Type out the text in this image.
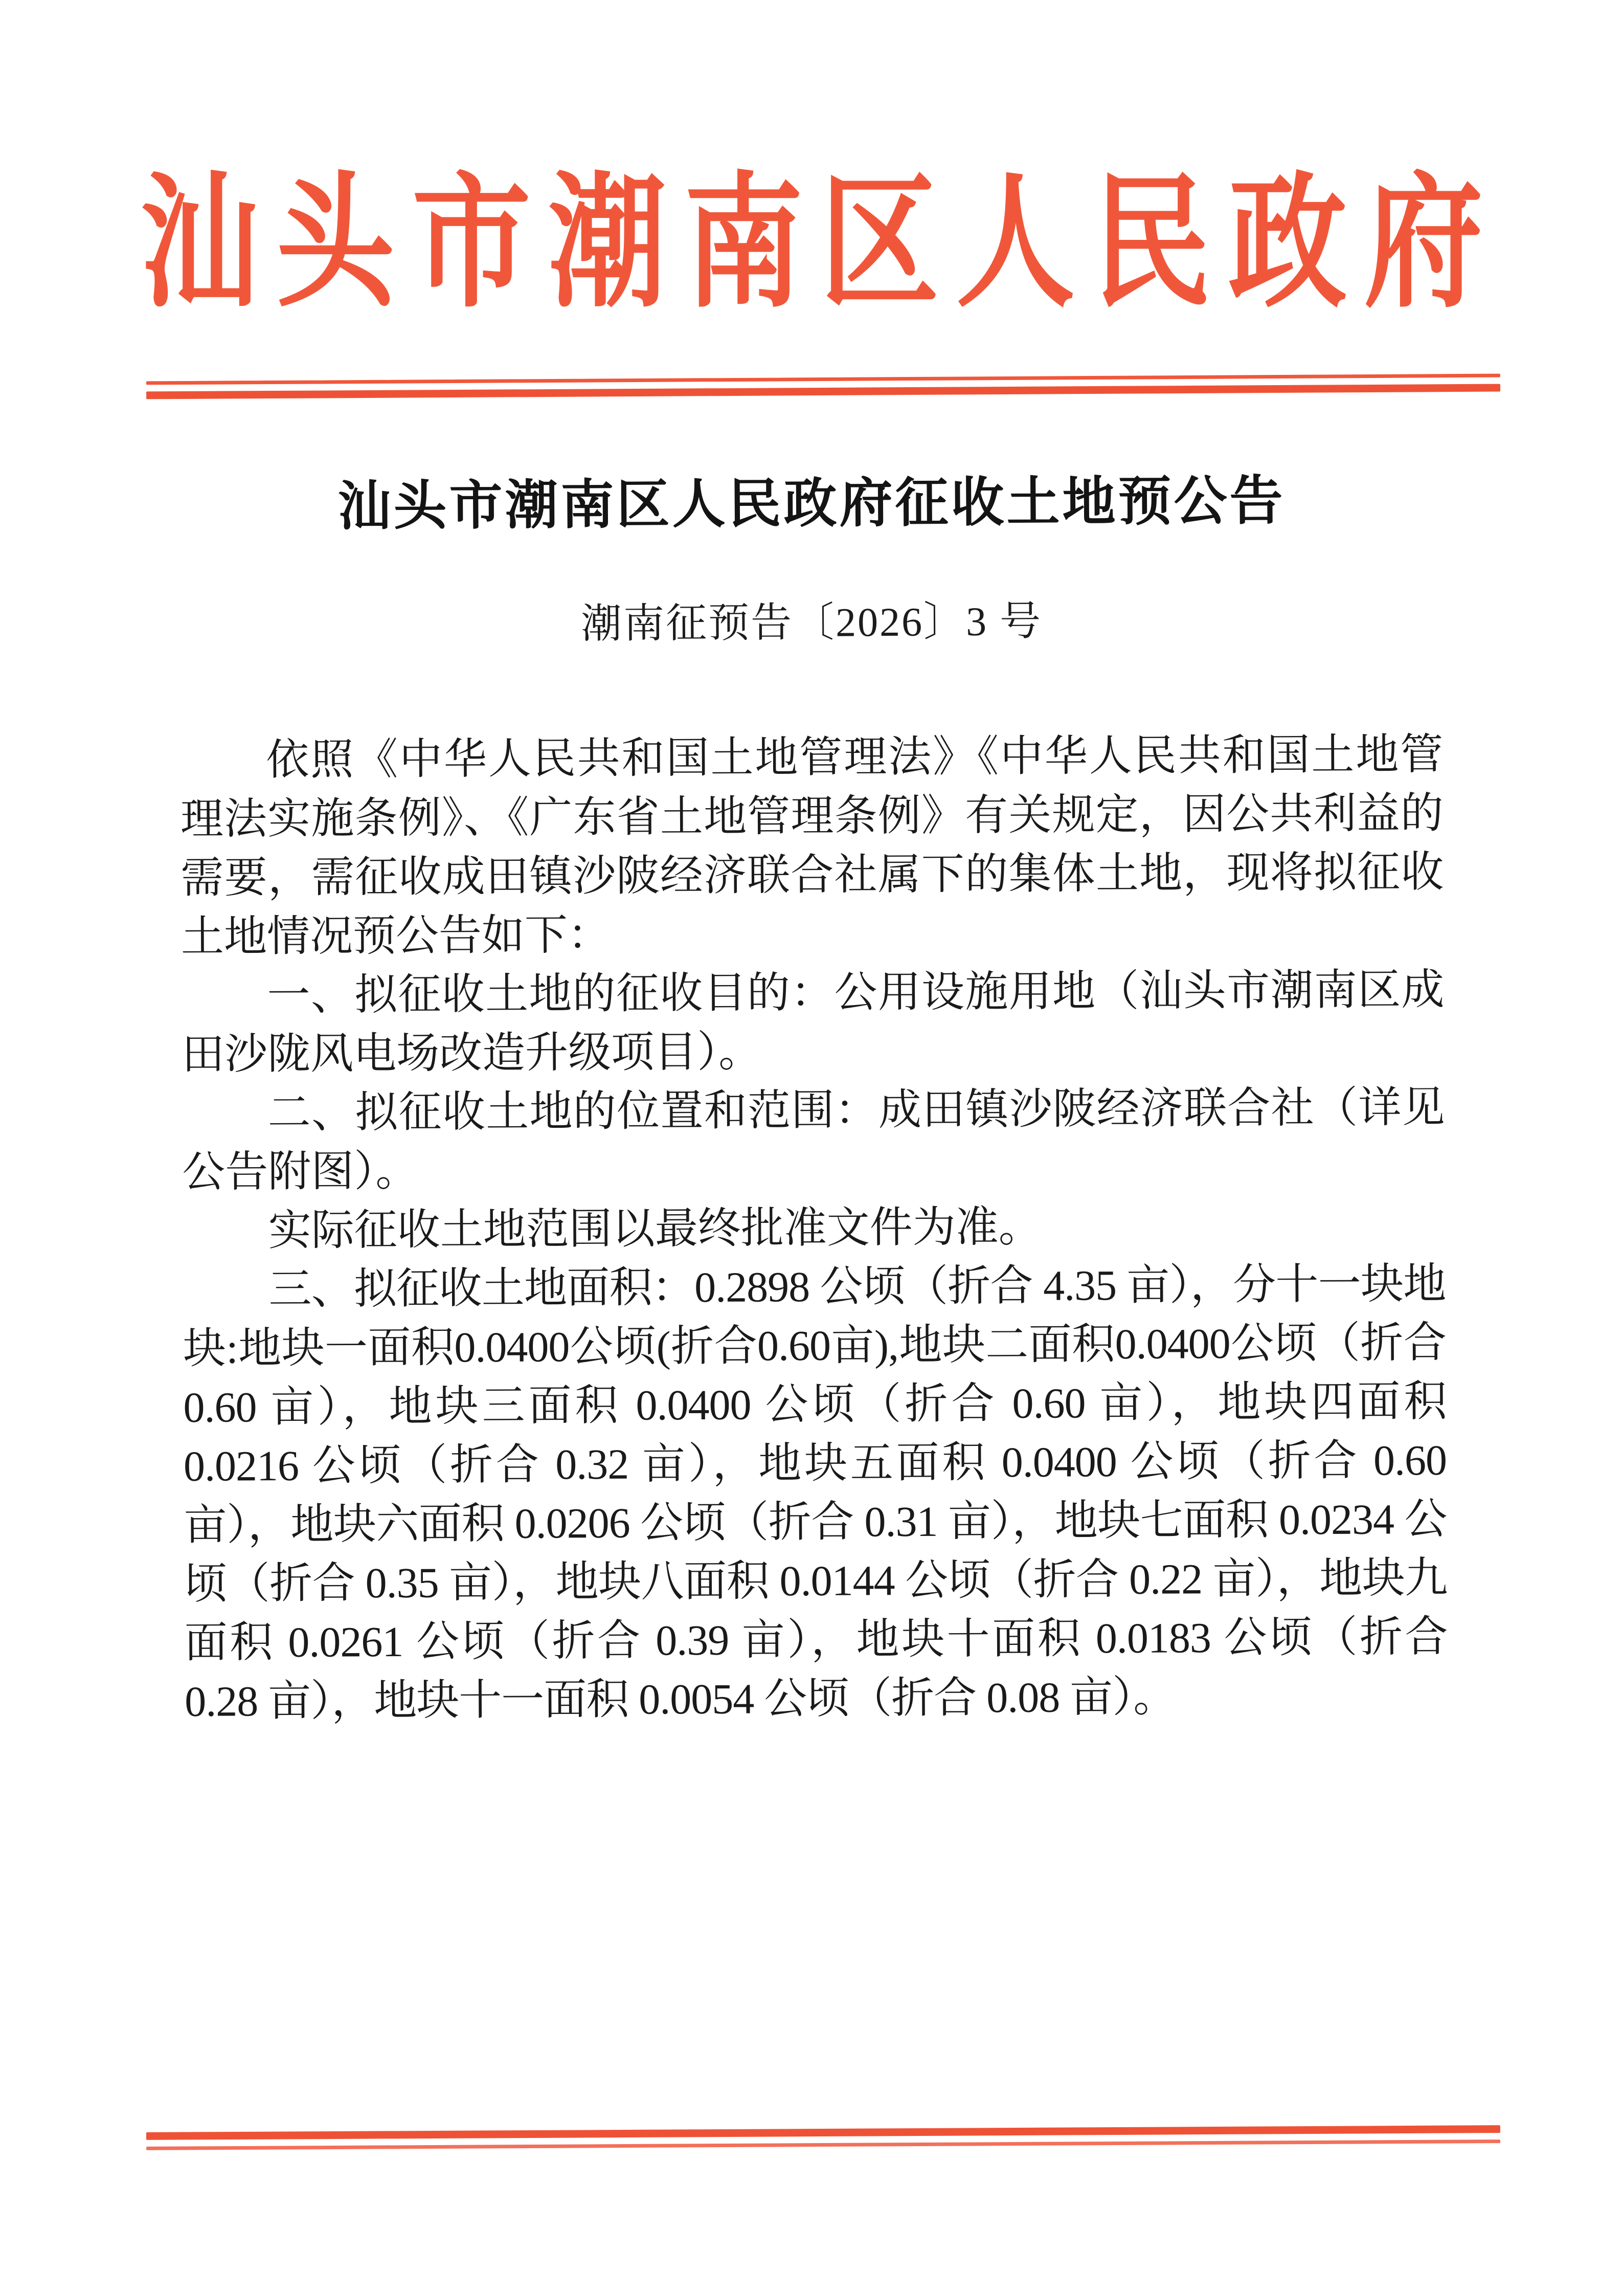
汕头市潮南区人民政府
汕头市潮南区人民政府征收土地预公告
潮南征预告〔2026〕3 号

依照《中华人民共和国土地管理法》《中华人民共和国土地管理法实施条例》、《广东省土地管理条例》有关规定，因公共利益的需要，需征收成田镇沙陂经济联合社属下的集体土地，现将拟征收土地情况预公告如下：

一、拟征收土地的征收目的：公用设施用地（汕头市潮南区成田沙陇风电场改造升级项目）。

二、拟征收土地的位置和范围：成田镇沙陂经济联合社（详见公告附图）。

实际征收土地范围以最终批准文件为准。

三、拟征收土地面积：0.2898 公顷（折合 4.35 亩），分十一块地块:地块一面积0.0400公顷(折合0.60亩),地块二面积0.0400公顷（折合 0.60 亩），地块三面积 0.0400 公顷（折合 0.60 亩），地块四面积 0.0216 公顷（折合 0.32 亩），地块五面积 0.0400 公顷（折合 0.60 亩），地块六面积 0.0206 公顷（折合 0.31 亩），地块七面积 0.0234 公顷（折合 0.35 亩），地块八面积 0.0144 公顷（折合 0.22 亩），地块九面积 0.0261 公顷（折合 0.39 亩），地块十面积 0.0183 公顷（折合 0.28 亩），地块十一面积 0.0054 公顷（折合 0.08 亩）。
